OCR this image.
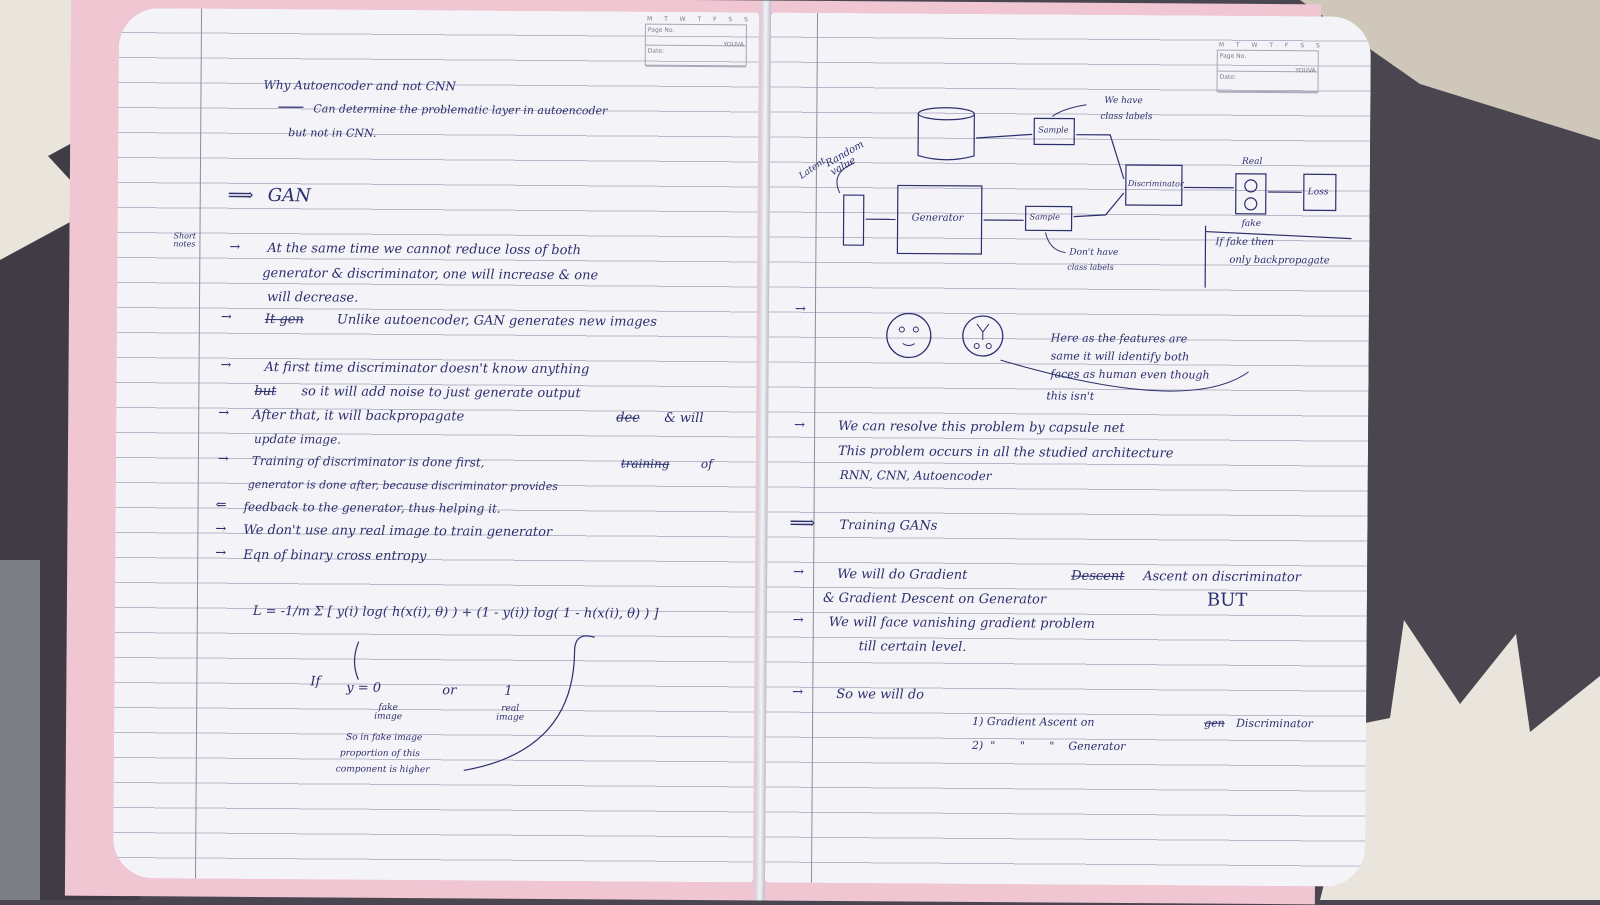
M T W T F S S
Page No.
Date:
YOUVA
Why Autoencoder and not CNN
Can determine the problematic layer in autoencoder
but not in CNN.
⟹ GAN
Short notes	→ At the same time we cannot reduce loss of both
generator & discriminator, one will increase & one
will decrease.
→	It gen	Unlike autoencoder, GAN generates new images
→	At first time discriminator doesn't know anything
but so it will add noise to just generate output
→ After that, it will backpropagate	dee & will
update image.
→ Training of discriminator is done first,	training	of
generator is done after, because discriminator provides
⇐ feedback to the generator, thus helping it.
→ We don't use any real image to train generator
→ Eqn of binary cross entropy
L = -1/m Σ [ y(i) log( h(x(i), θ) ) + (1 - y(i)) log( 1 - h(x(i), θ) ) ]
If y = 0	or	1
fake image
real image
So in fake image
proportion of this
component is higher
M T W T F S S
Page No.
Date:
YOUVA
Latent
Random value
Generator
Sample
Sample
We have
class labels
Don't have
class labels
Discriminator
Real
fake
Loss
If fake then
only backpropagate
→
Here as the features are
same it will identify both
faces as human even though
this isn't
→	We can resolve this problem by capsule net
This problem occurs in all the studied architecture
RNN, CNN, Autoencoder
⟹ Training GANs
→	We will do Gradient	Descent Ascent on discriminator
& Gradient Descent on Generator	BUT
→ We will face vanishing gradient problem
till certain level.
→	So we will do
1) Gradient Ascent on	gen Discriminator
2)  "       "       "    Generator
